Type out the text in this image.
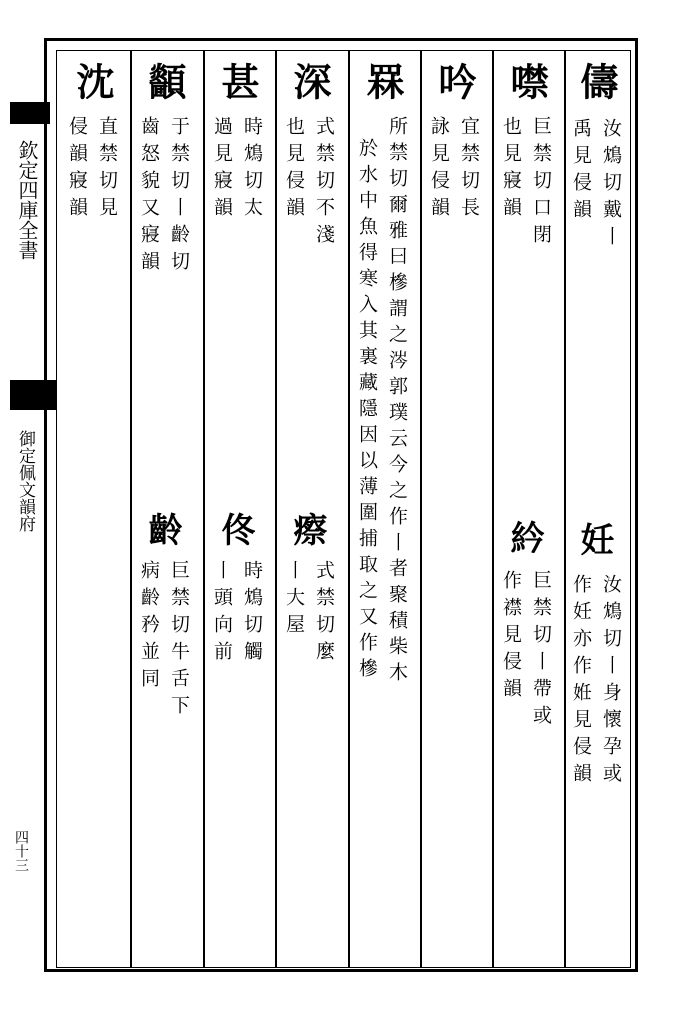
欽定四庫全書
御定佩文韻府
四十三
儔
汝鴆切戴丨
禹見侵韻
妊
汝鴆切丨身懷孕或
作妊亦作姙見侵韻
噤
巨禁切口閉
也見寢韻
紟
巨禁切丨帶或
作襟見侵韻
吟
宜禁切長
詠見侵韻
罧
所禁切爾雅曰槮謂之涔郭璞云今之作丨者聚積柴木
於水中魚得寒入其裏藏隱因以薄圍捕取之又作槮
深
式禁切不淺
也見侵韻
瘵
式禁切麼
丨大屋
甚
時鴆切太
過見寢韻
佟
時鴆切觸
丨頭向前
顲
于禁切丨齡切
齒怒貌又寢韻
齡
巨禁切牛舌下
病齡矜並同
沈
直禁切見
侵韻寢韻
